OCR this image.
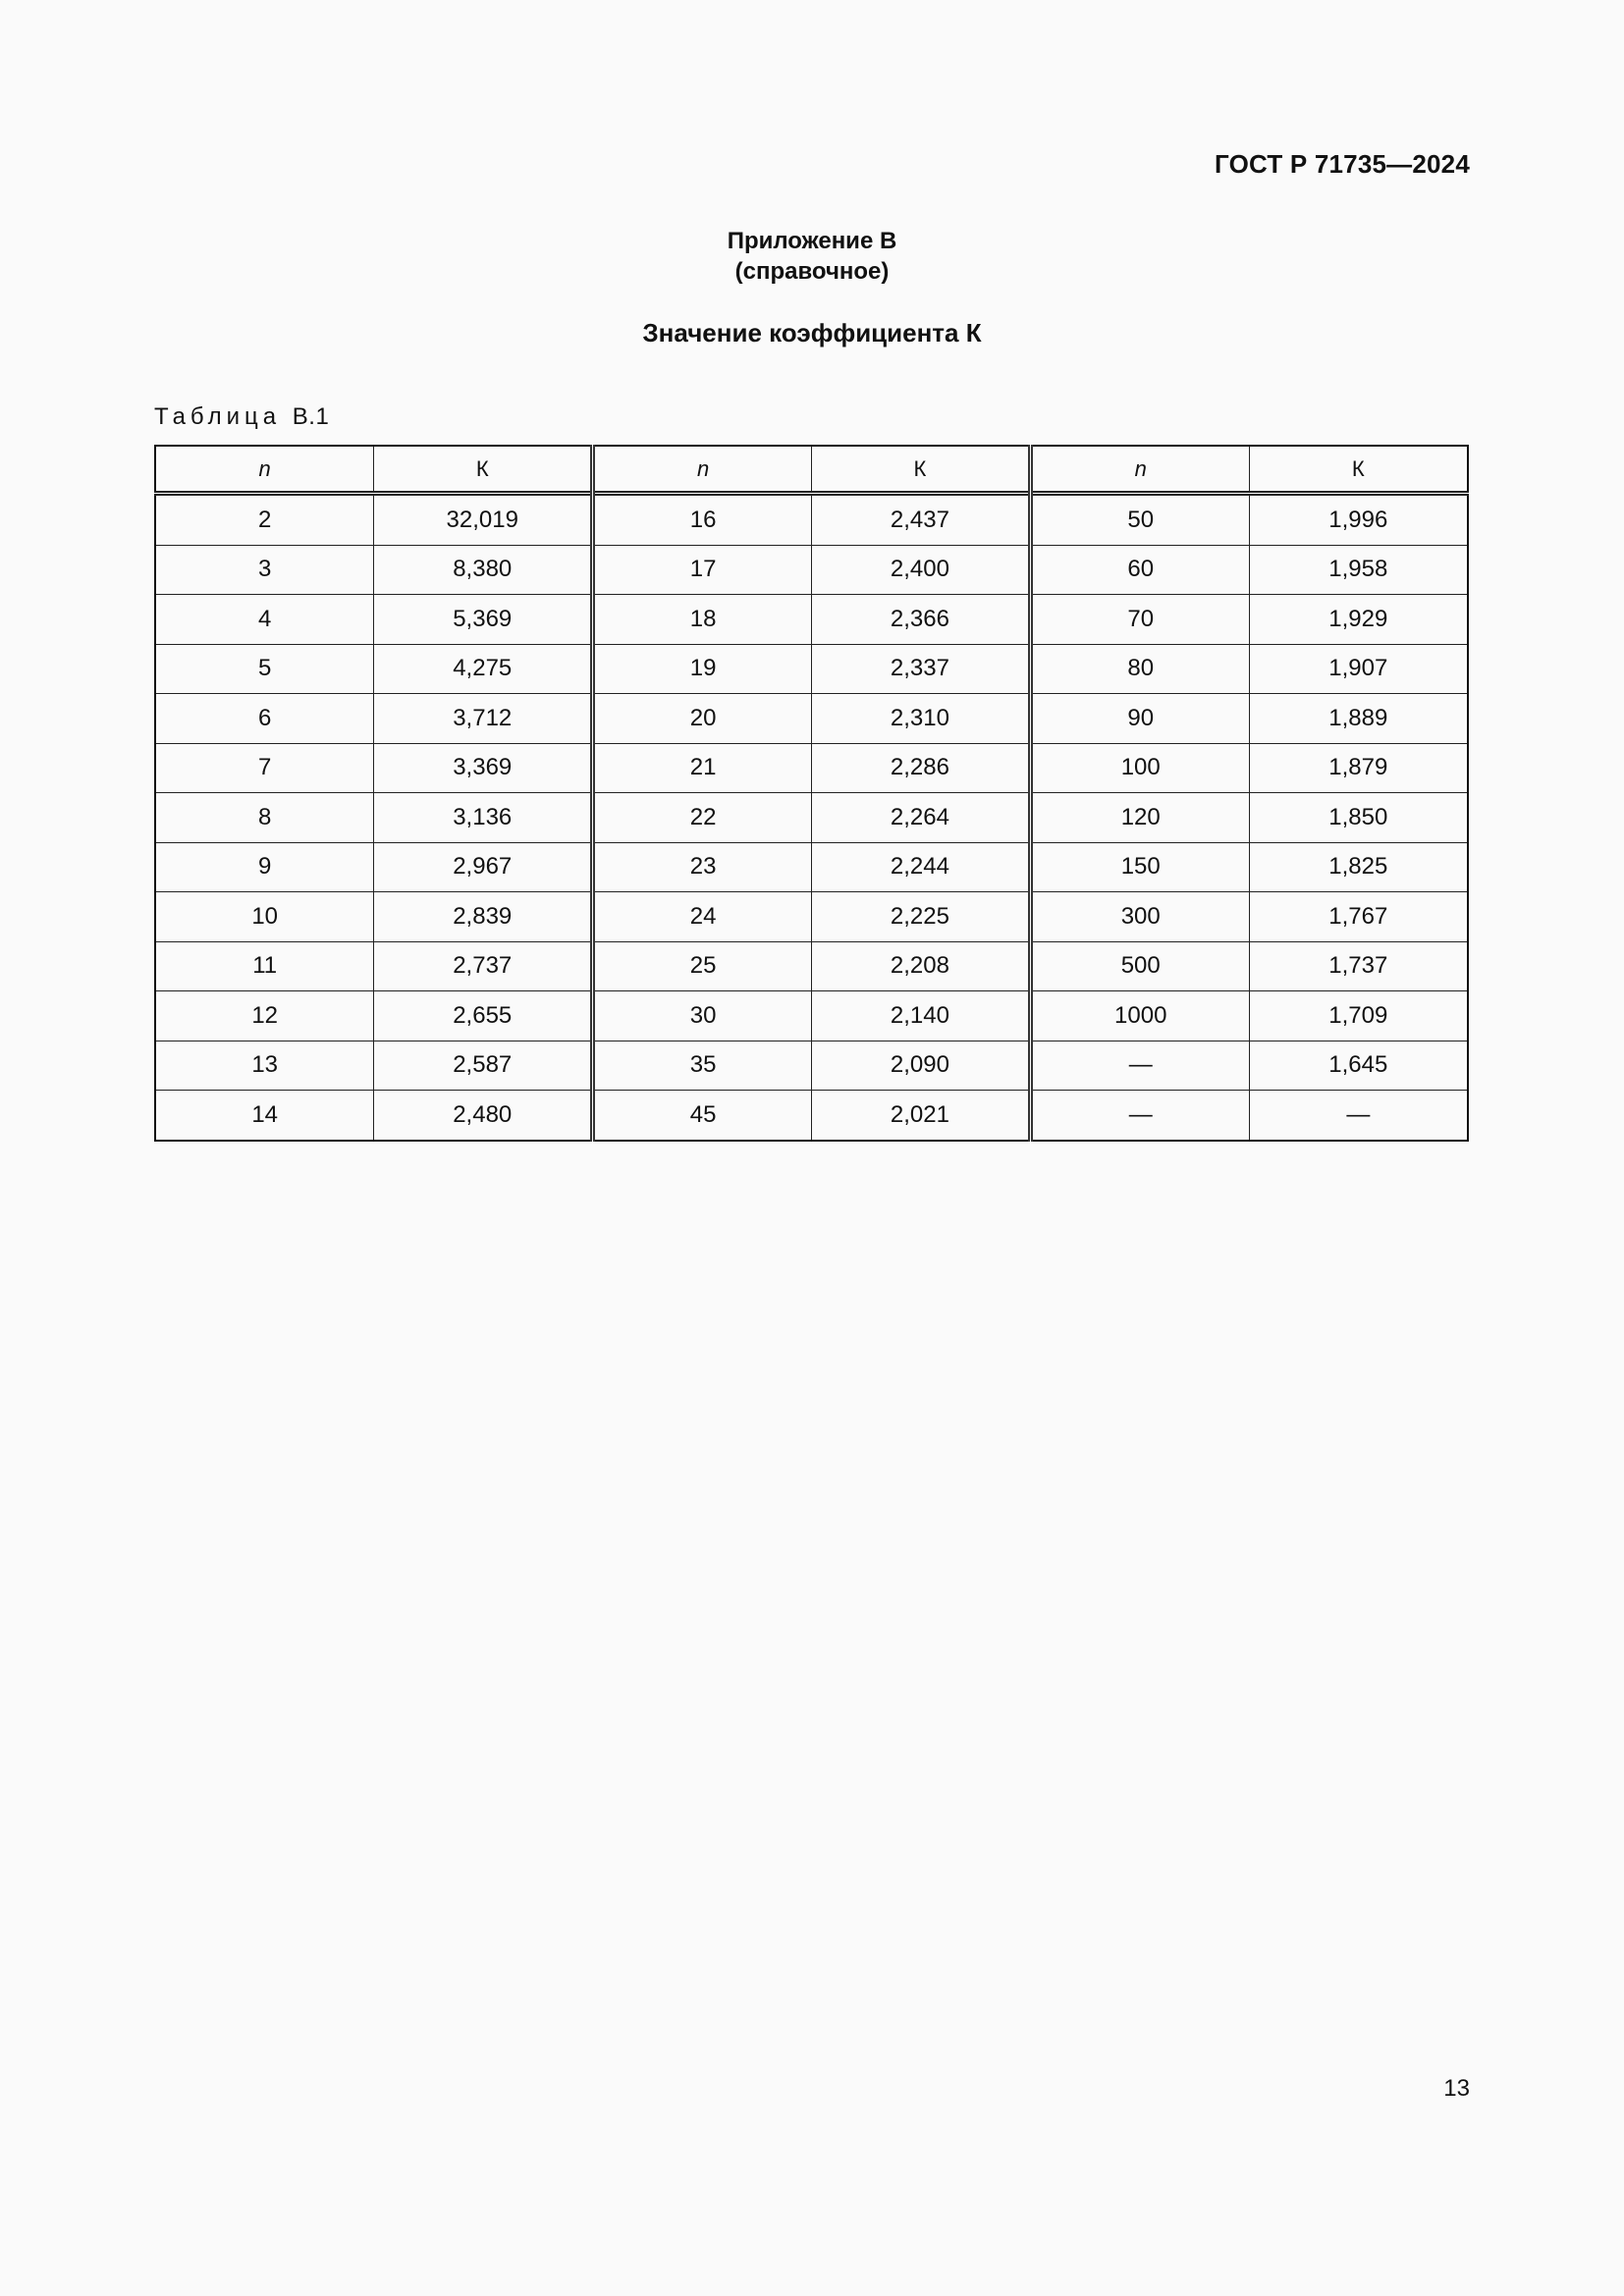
ГОСТ Р 71735—2024
Приложение В
(справочное)
Значение коэффициента К
Таблица В.1
n	К	n	К	n	К
2	32,019	16	2,437	50	1,996
3	8,380	17	2,400	60	1,958
4	5,369	18	2,366	70	1,929
5	4,275	19	2,337	80	1,907
6	3,712	20	2,310	90	1,889
7	3,369	21	2,286	100	1,879
8	3,136	22	2,264	120	1,850
9	2,967	23	2,244	150	1,825
10	2,839	24	2,225	300	1,767
11	2,737	25	2,208	500	1,737
12	2,655	30	2,140	1000	1,709
13	2,587	35	2,090	—	1,645
14	2,480	45	2,021	—	—
13
